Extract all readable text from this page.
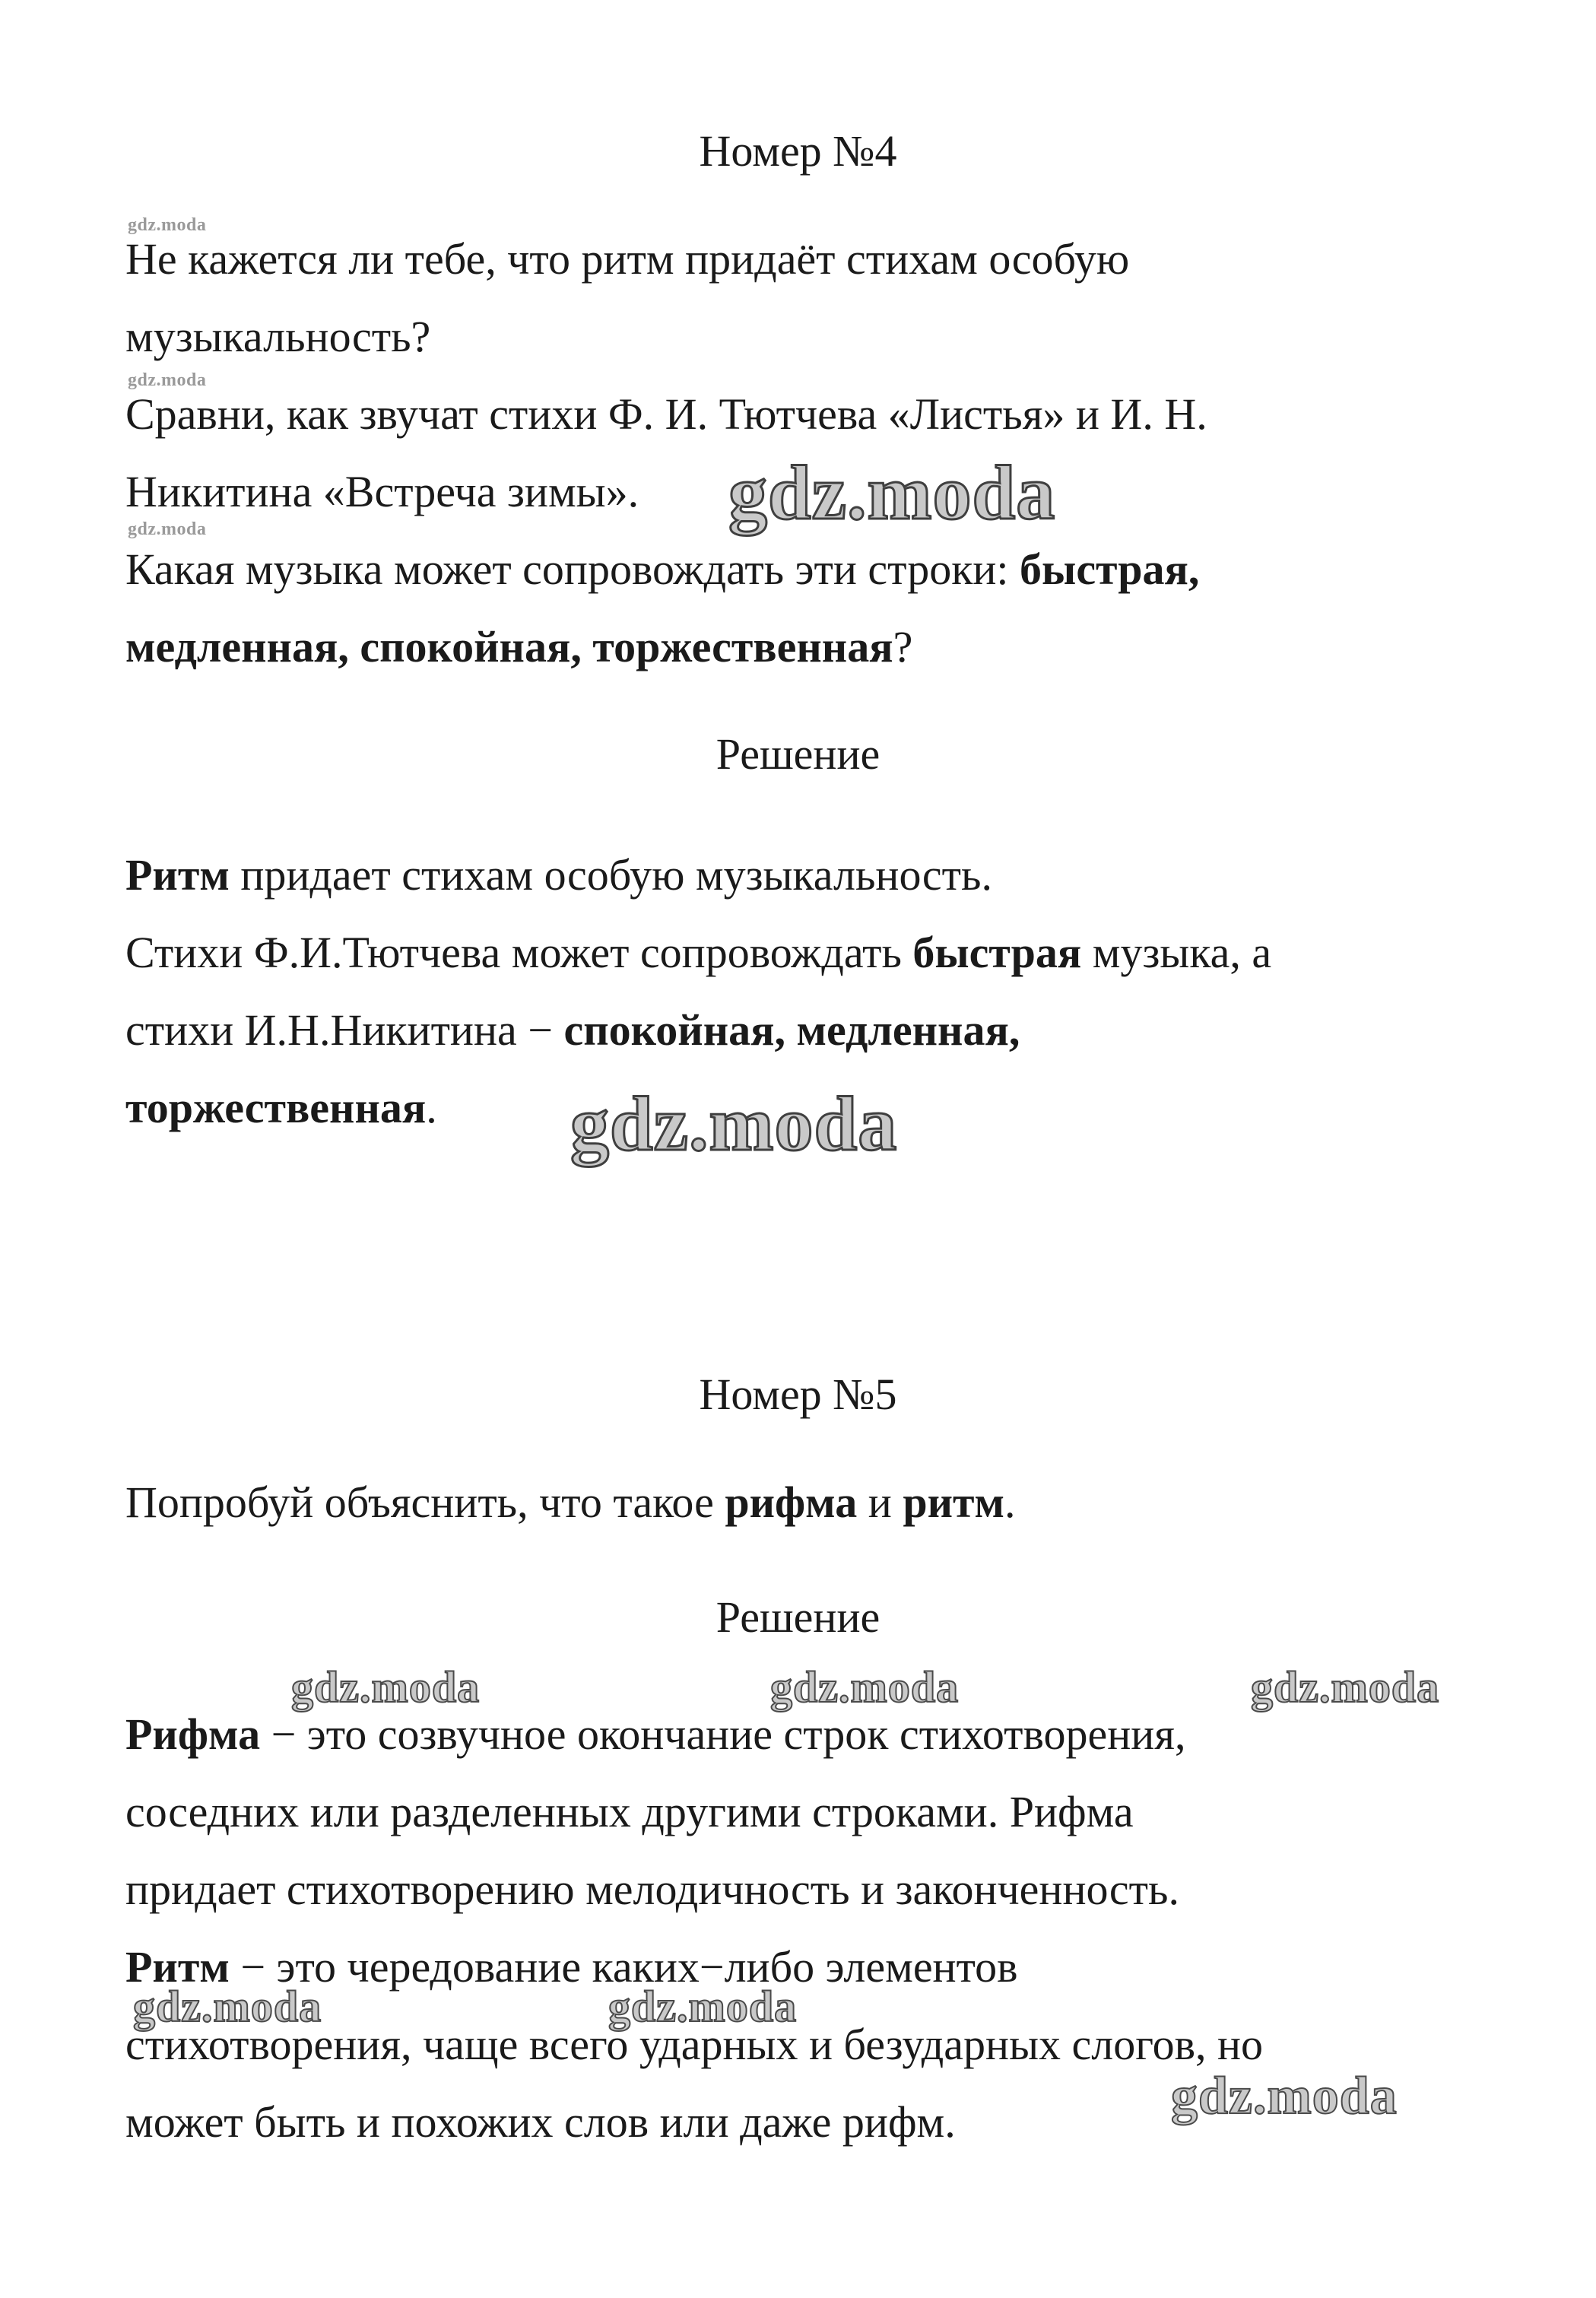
Номер №4

Не кажется ли тебе, что ритм придаёт стихам особую
музыкальность?
Сравни, как звучат стихи Ф. И. Тютчева «Листья» и И. Н.
Никитина «Встреча зимы».
Какая музыка может сопровождать эти строки: быстрая,
медленная, спокойная, торжественная?

Решение

Ритм придает стихам особую музыкальность.
Стихи Ф.И.Тютчева может сопровождать быстрая музыка, а
стихи И.Н.Никитина − спокойная, медленная,
торжественная.

Номер №5

Попробуй объяснить, что такое рифма и ритм.

Решение

Рифма − это созвучное окончание строк стихотворения,
соседних или разделенных другими строками. Рифма
придает стихотворению мелодичность и законченность.
Ритм − это чередование каких−либо элементов
стихотворения, чаще всего ударных и безударных слогов, но
может быть и похожих слов или даже рифм.

gdz.moda
gdz.moda
gdz.moda	gdz.moda
gdz.moda
gdz.moda	gdz.moda	gdz.moda
gdz.moda	gdz.moda
gdz.moda
